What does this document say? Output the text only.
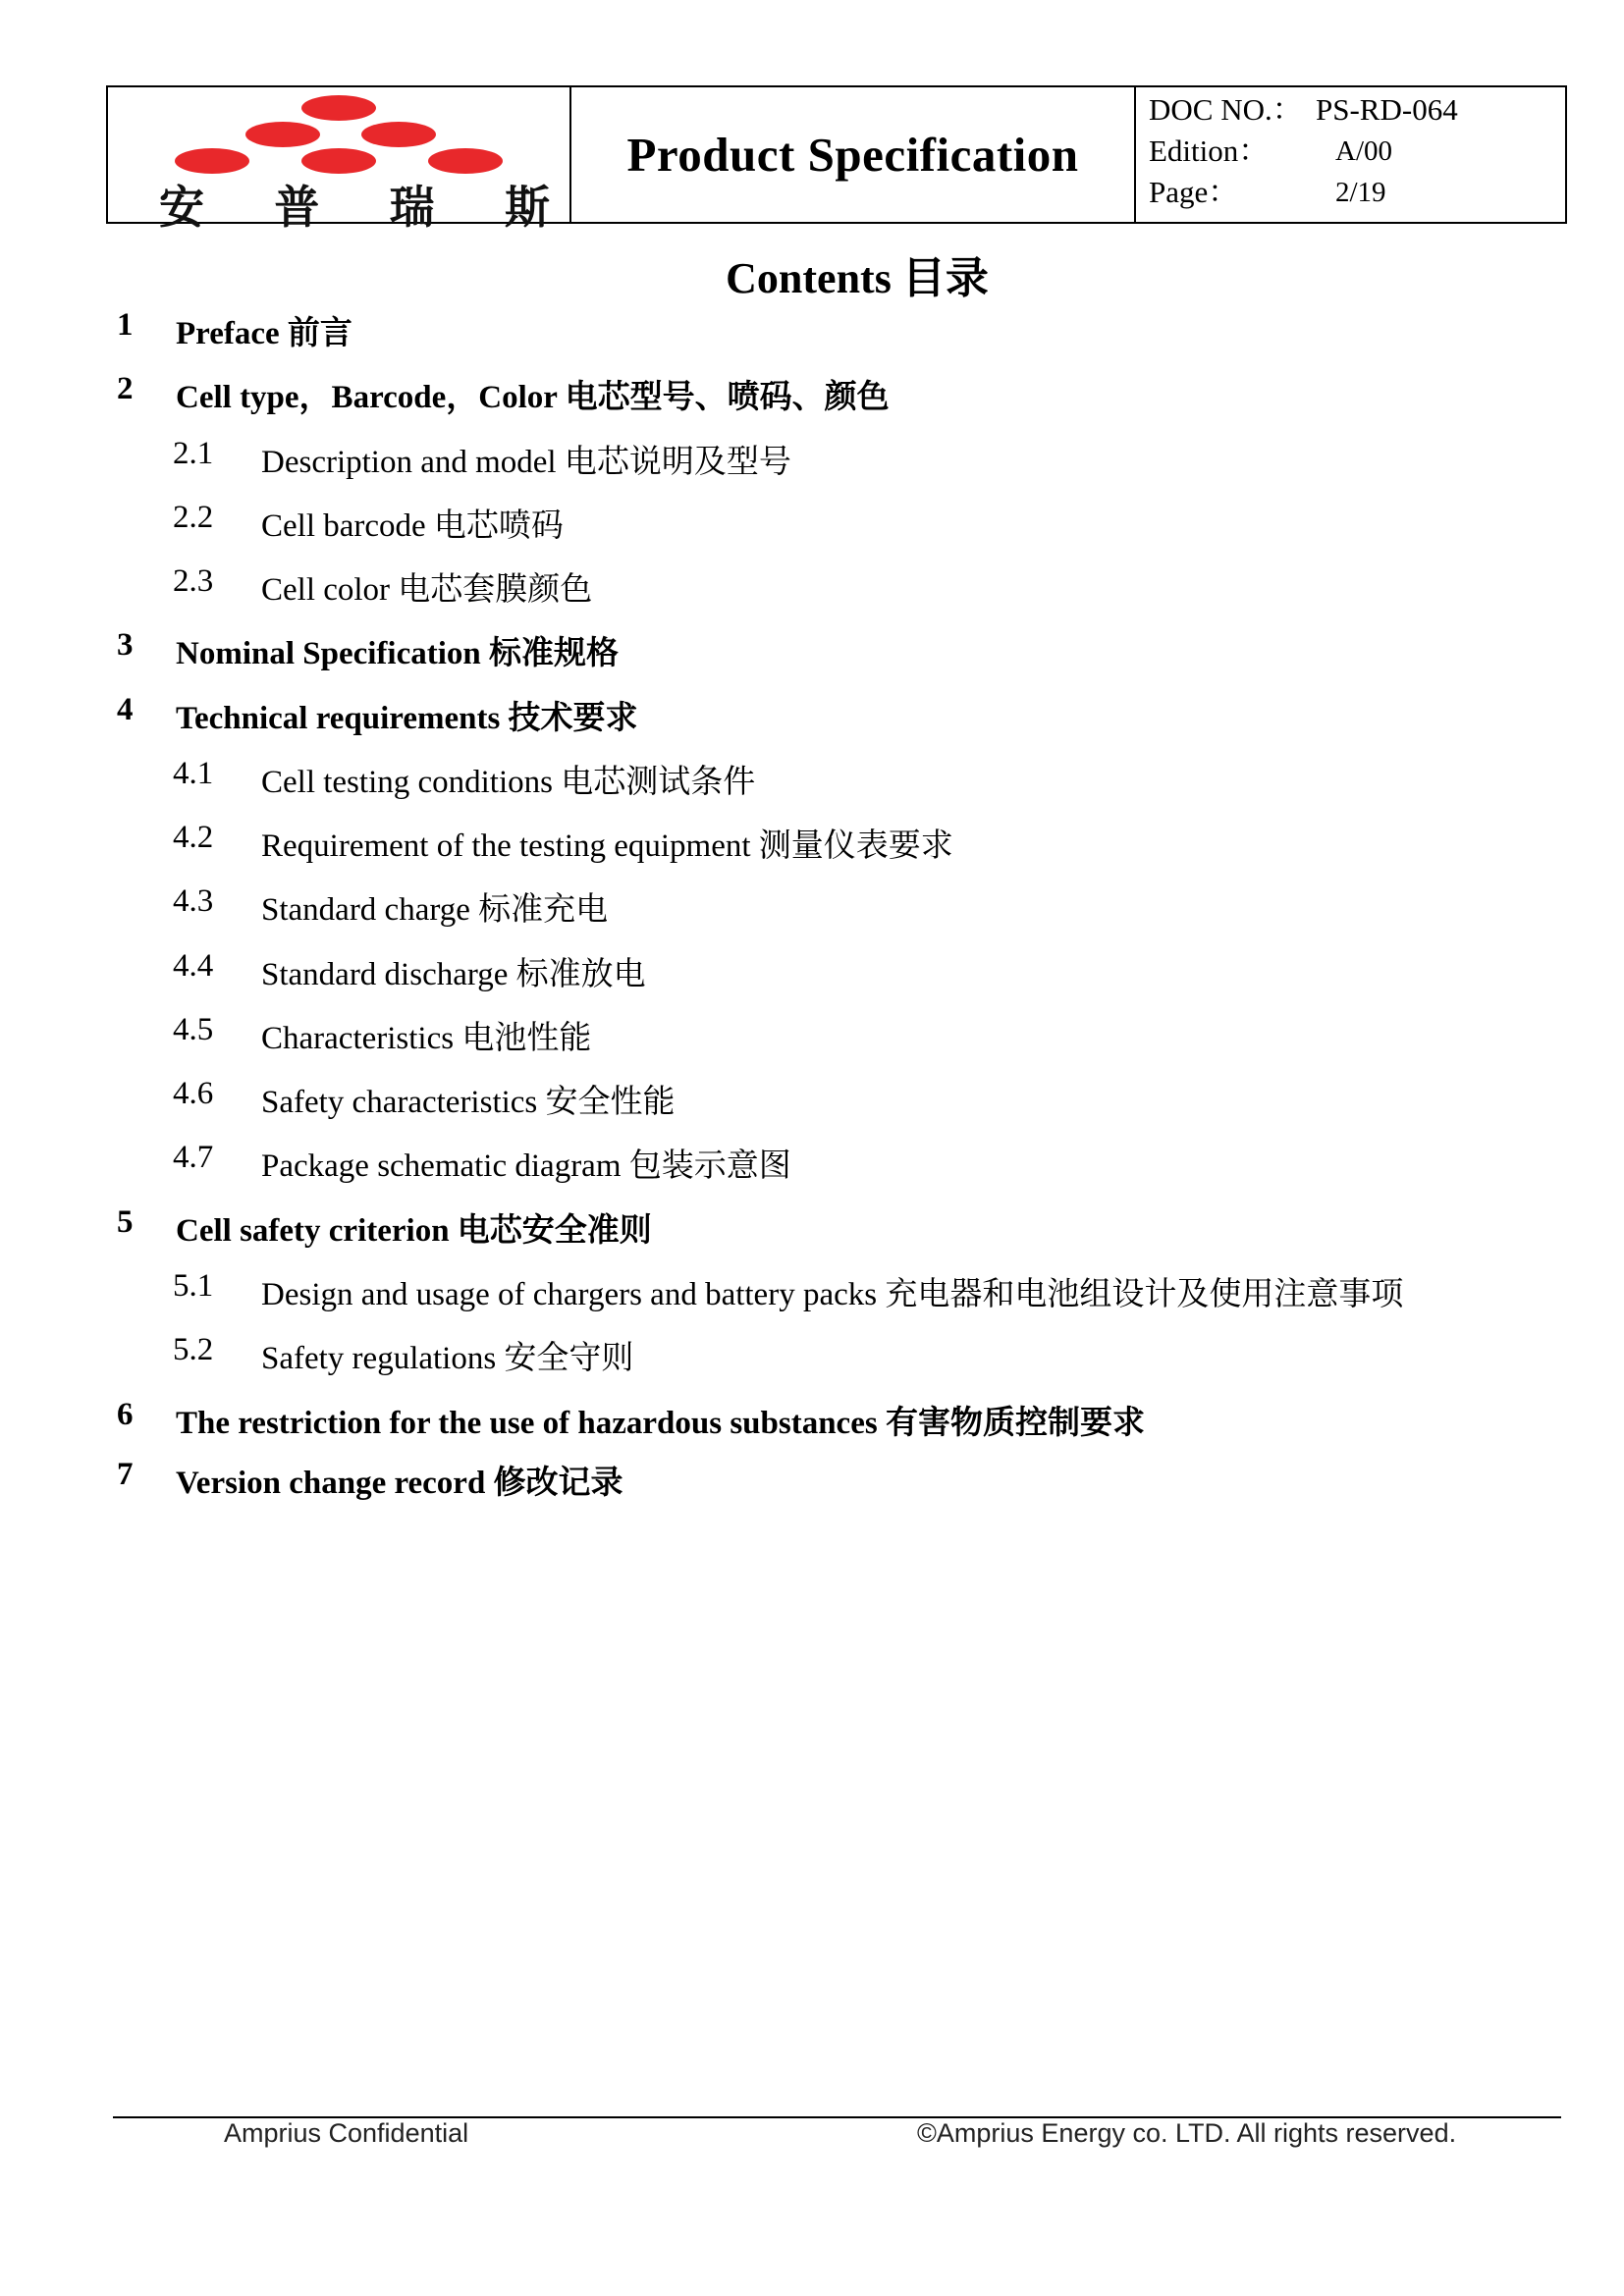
安 普 瑞 斯
Product Specification
DOC NO.： PS-RD-064
Edition：	A/00
Page：	2/19
Contents 目录
1 Preface 前言
2 Cell type，Barcode，Color 电芯型号、喷码、颜色
2.1 Description and model 电芯说明及型号
2.2 Cell barcode 电芯喷码
2.3 Cell color 电芯套膜颜色
3 Nominal Specification 标准规格
4 Technical requirements 技术要求
4.1 Cell testing conditions 电芯测试条件
4.2 Requirement of the testing equipment 测量仪表要求
4.3 Standard charge 标准充电
4.4 Standard discharge 标准放电
4.5 Characteristics 电池性能
4.6 Safety characteristics 安全性能
4.7 Package schematic diagram 包装示意图
5 Cell safety criterion 电芯安全准则
5.1 Design and usage of chargers and battery packs 充电器和电池组设计及使用注意事项
5.2 Safety regulations 安全守则
6 The restriction for the use of hazardous substances 有害物质控制要求
7 Version change record 修改记录
Amprius Confidential	©Amprius Energy co. LTD. All rights reserved.
